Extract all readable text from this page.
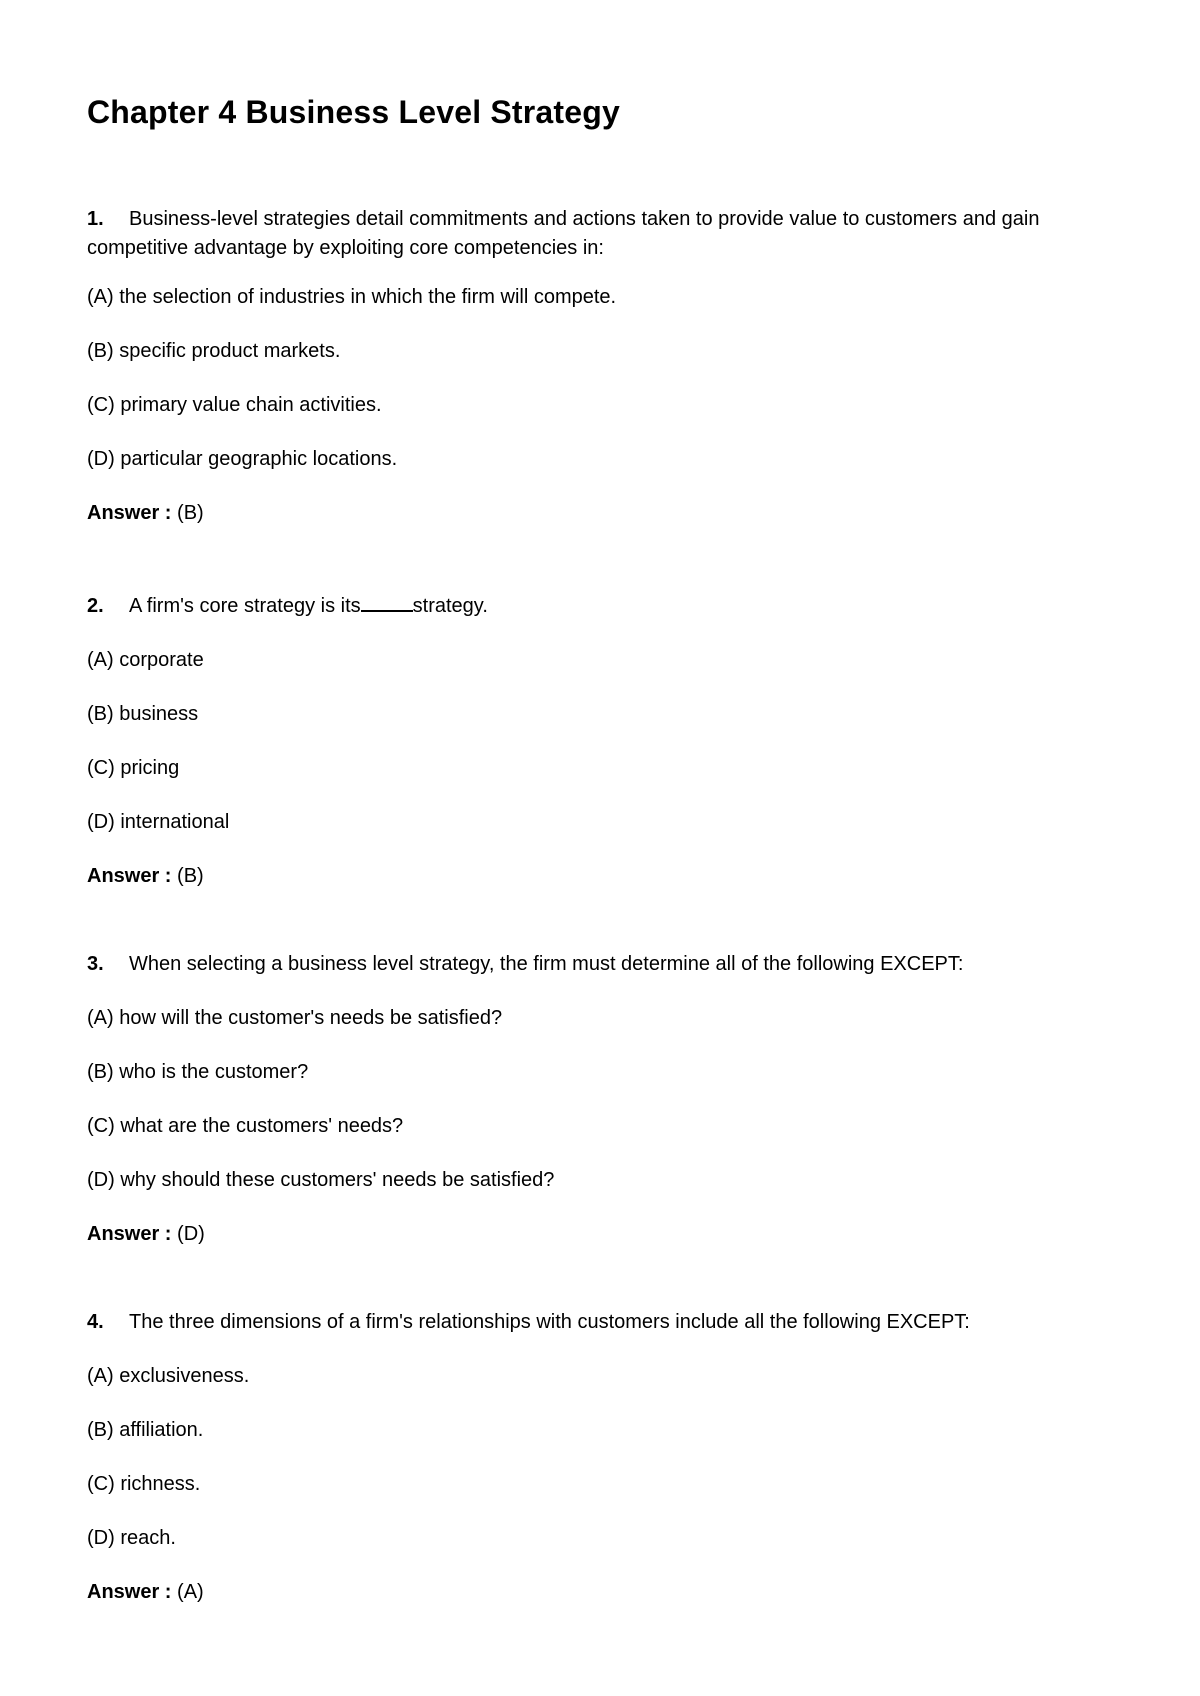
Chapter 4 Business Level Strategy

1. Business-level strategies detail commitments and actions taken to provide value to customers and gain competitive advantage by exploiting core competencies in:

(A) the selection of industries in which the firm will compete.

(B) specific product markets.

(C) primary value chain activities.

(D) particular geographic locations.

Answer : (B)

2. A firm's core strategy is its	strategy.

(A) corporate

(B) business

(C) pricing

(D) international

Answer : (B)

3. When selecting a business level strategy, the firm must determine all of the following EXCEPT:

(A) how will the customer's needs be satisfied?

(B) who is the customer?

(C) what are the customers' needs?

(D) why should these customers' needs be satisfied?

Answer : (D)

4. The three dimensions of a firm's relationships with customers include all the following EXCEPT:

(A) exclusiveness.

(B) affiliation.

(C) richness.

(D) reach.

Answer : (A)
